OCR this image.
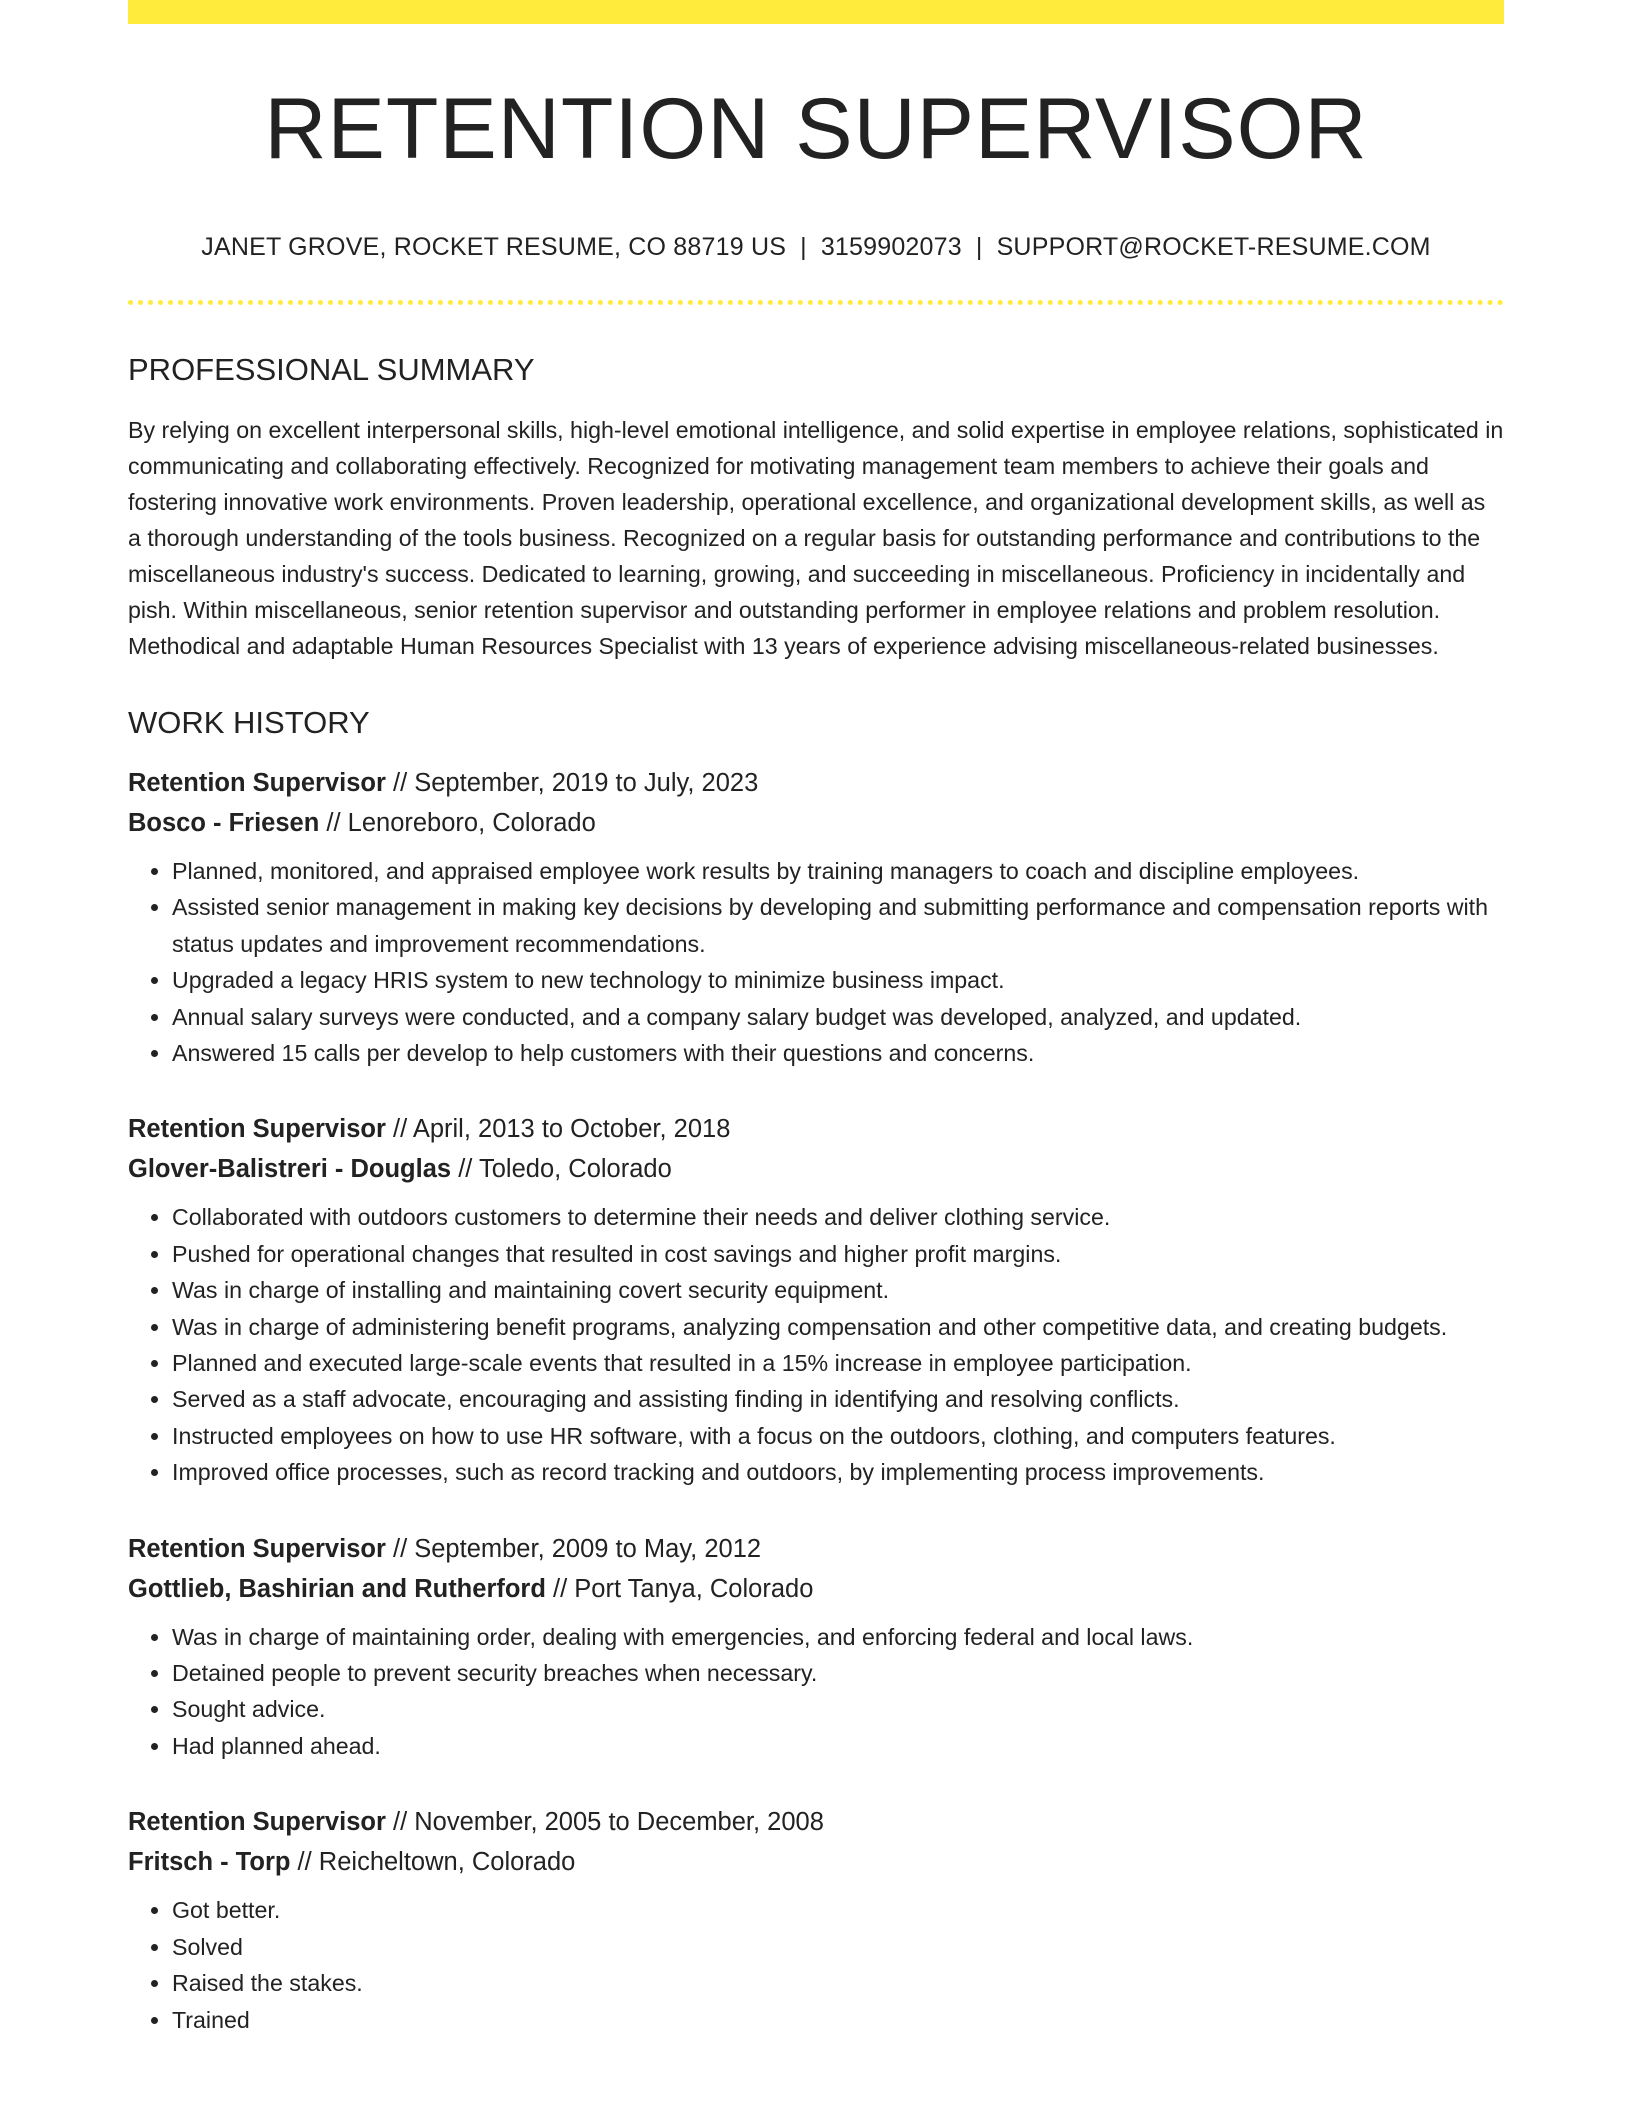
RETENTION SUPERVISOR
JANET GROVE, ROCKET RESUME, CO 88719 US | 3159902073 | SUPPORT@ROCKET-RESUME.COM
PROFESSIONAL SUMMARY

By relying on excellent interpersonal skills, high-level emotional intelligence, and solid expertise in employee relations, sophisticated in communicating and collaborating effectively. Recognized for motivating management team members to achieve their goals and fostering innovative work environments. Proven leadership, operational excellence, and organizational development skills, as well as a thorough understanding of the tools business. Recognized on a regular basis for outstanding performance and contributions to the miscellaneous industry's success. Dedicated to learning, growing, and succeeding in miscellaneous. Proficiency in incidentally and pish. Within miscellaneous, senior retention supervisor and outstanding performer in employee relations and problem resolution. Methodical and adaptable Human Resources Specialist with 13 years of experience advising miscellaneous-related businesses.

WORK HISTORY
Retention Supervisor // September, 2019 to July, 2023
Bosco - Friesen // Lenoreboro, Colorado
• Planned, monitored, and appraised employee work results by training managers to coach and discipline employees.
• Assisted senior management in making key decisions by developing and submitting performance and compensation reports with status updates and improvement recommendations.
• Upgraded a legacy HRIS system to new technology to minimize business impact.
• Annual salary surveys were conducted, and a company salary budget was developed, analyzed, and updated.
• Answered 15 calls per develop to help customers with their questions and concerns.
Retention Supervisor // April, 2013 to October, 2018
Glover-Balistreri - Douglas // Toledo, Colorado
• Collaborated with outdoors customers to determine their needs and deliver clothing service.
• Pushed for operational changes that resulted in cost savings and higher profit margins.
• Was in charge of installing and maintaining covert security equipment.
• Was in charge of administering benefit programs, analyzing compensation and other competitive data, and creating budgets.
• Planned and executed large-scale events that resulted in a 15% increase in employee participation.
• Served as a staff advocate, encouraging and assisting finding in identifying and resolving conflicts.
• Instructed employees on how to use HR software, with a focus on the outdoors, clothing, and computers features.
• Improved office processes, such as record tracking and outdoors, by implementing process improvements.
Retention Supervisor // September, 2009 to May, 2012
Gottlieb, Bashirian and Rutherford // Port Tanya, Colorado
• Was in charge of maintaining order, dealing with emergencies, and enforcing federal and local laws.
• Detained people to prevent security breaches when necessary.
• Sought advice.
• Had planned ahead.
Retention Supervisor // November, 2005 to December, 2008
Fritsch - Torp // Reicheltown, Colorado
• Got better.
• Solved
• Raised the stakes.
• Trained
